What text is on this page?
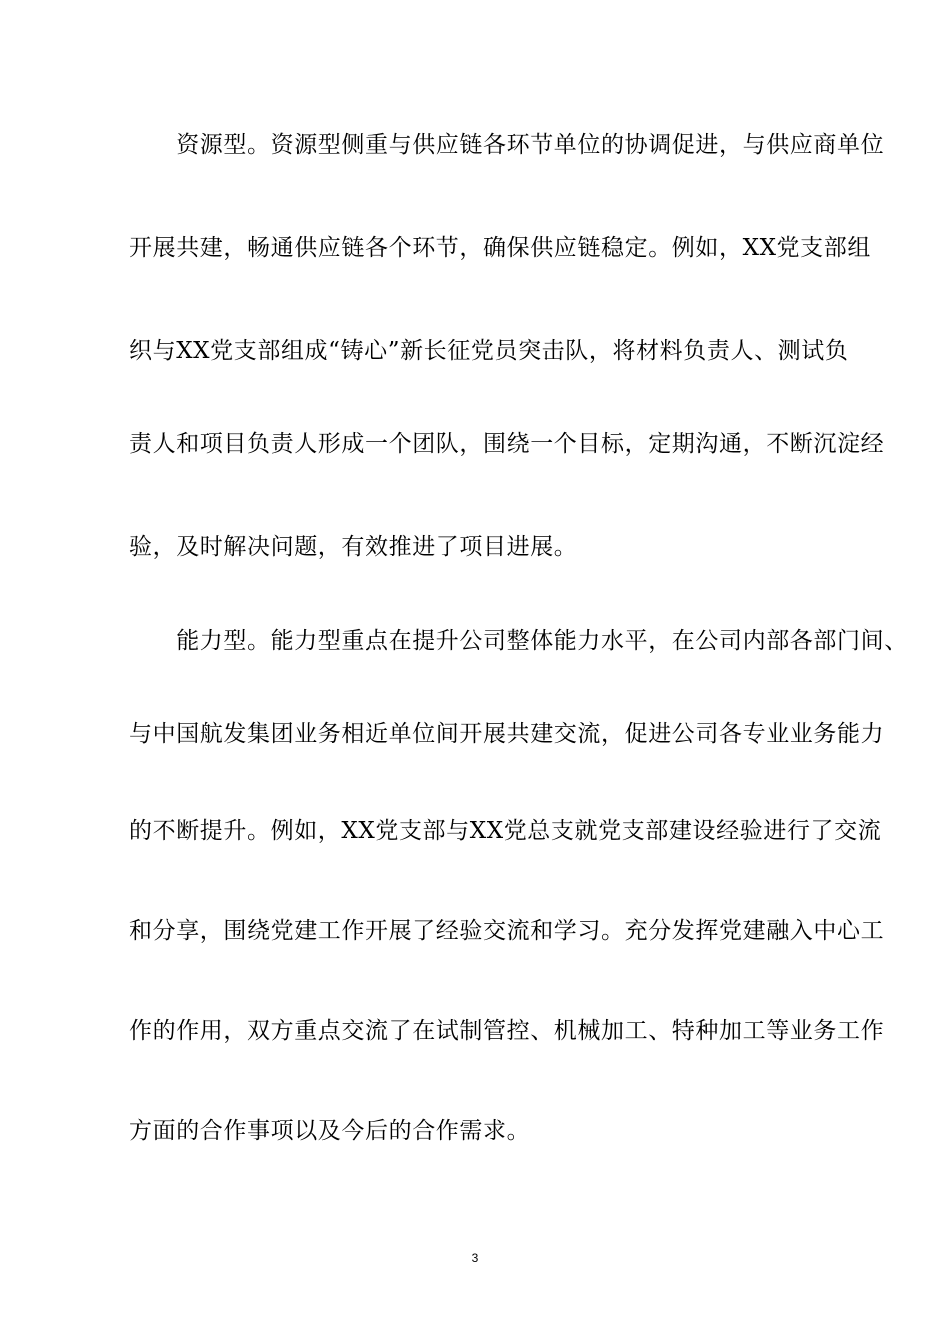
　　资源型。资源型侧重与供应链各环节单位的协调促进，与供应商单位
开展共建，畅通供应链各个环节，确保供应链稳定。例如，XX党支部组
织与XX党支部组成“铸心”新长征党员突击队，将材料负责人、测试负
责人和项目负责人形成一个团队，围绕一个目标，定期沟通，不断沉淀经
验，及时解决问题，有效推进了项目进展。
　　能力型。能力型重点在提升公司整体能力水平，在公司内部各部门间、
与中国航发集团业务相近单位间开展共建交流，促进公司各专业业务能力
的不断提升。例如，XX党支部与XX党总支就党支部建设经验进行了交流
和分享，围绕党建工作开展了经验交流和学习。充分发挥党建融入中心工
作的作用，双方重点交流了在试制管控、机械加工、特种加工等业务工作
方面的合作事项以及今后的合作需求。
3
